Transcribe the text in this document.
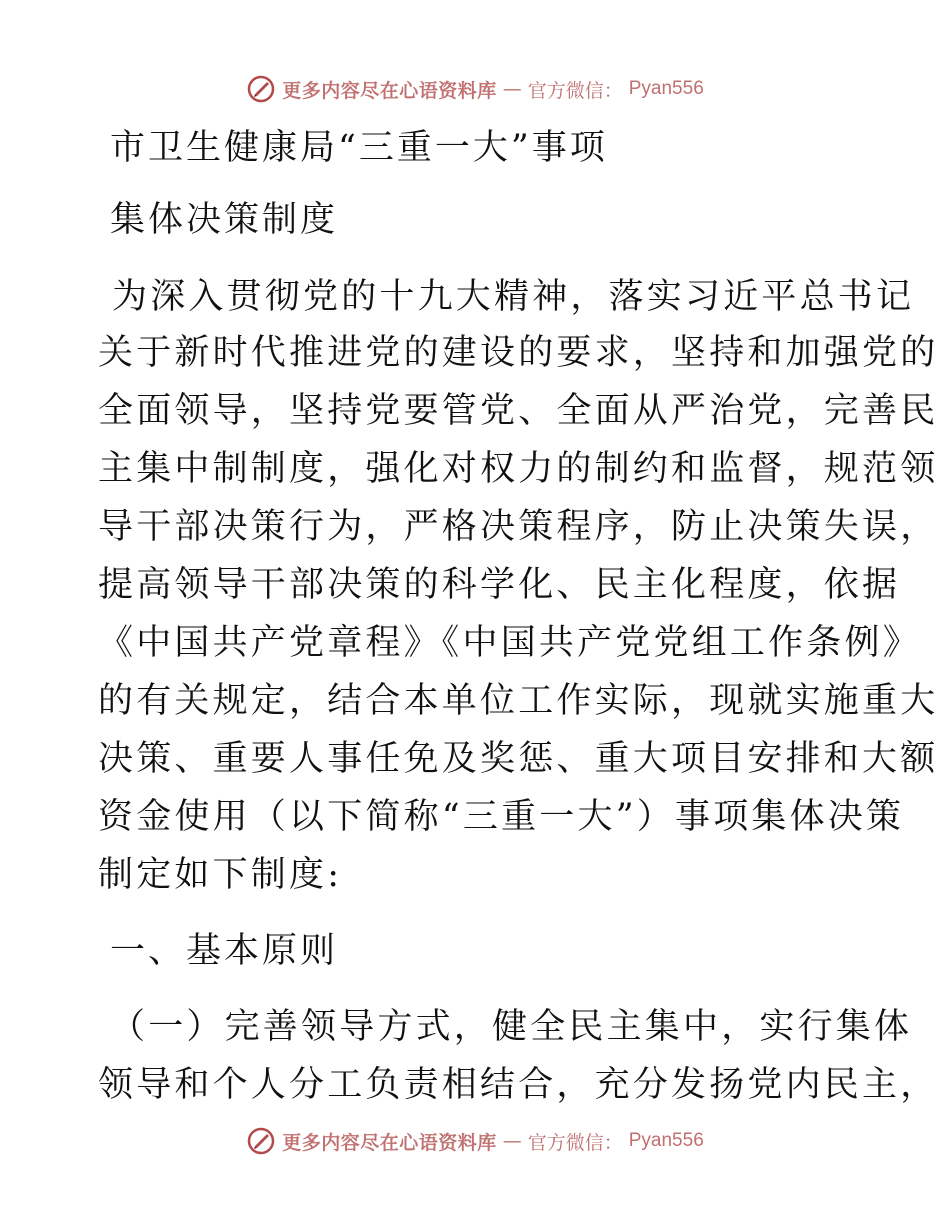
更多内容尽在心语资料库 — 官方微信： Pyan556
市卫生健康局“三重一大”事项
集体决策制度
为深入贯彻党的十九大精神，落实习近平总书记
关于新时代推进党的建设的要求，坚持和加强党的
全面领导，坚持党要管党、全面从严治党，完善民
主集中制制度，强化对权力的制约和监督，规范领
导干部决策行为，严格决策程序，防止决策失误，
提高领导干部决策的科学化、民主化程度，依据
《中国共产党章程》《中国共产党党组工作条例》
的有关规定，结合本单位工作实际，现就实施重大
决策、重要人事任免及奖惩、重大项目安排和大额
资金使用（以下简称“三重一大”）事项集体决策
制定如下制度:
一、基本原则
（一）完善领导方式，健全民主集中，实行集体
领导和个人分工负责相结合，充分发扬党内民主，
更多内容尽在心语资料库 — 官方微信： Pyan556
